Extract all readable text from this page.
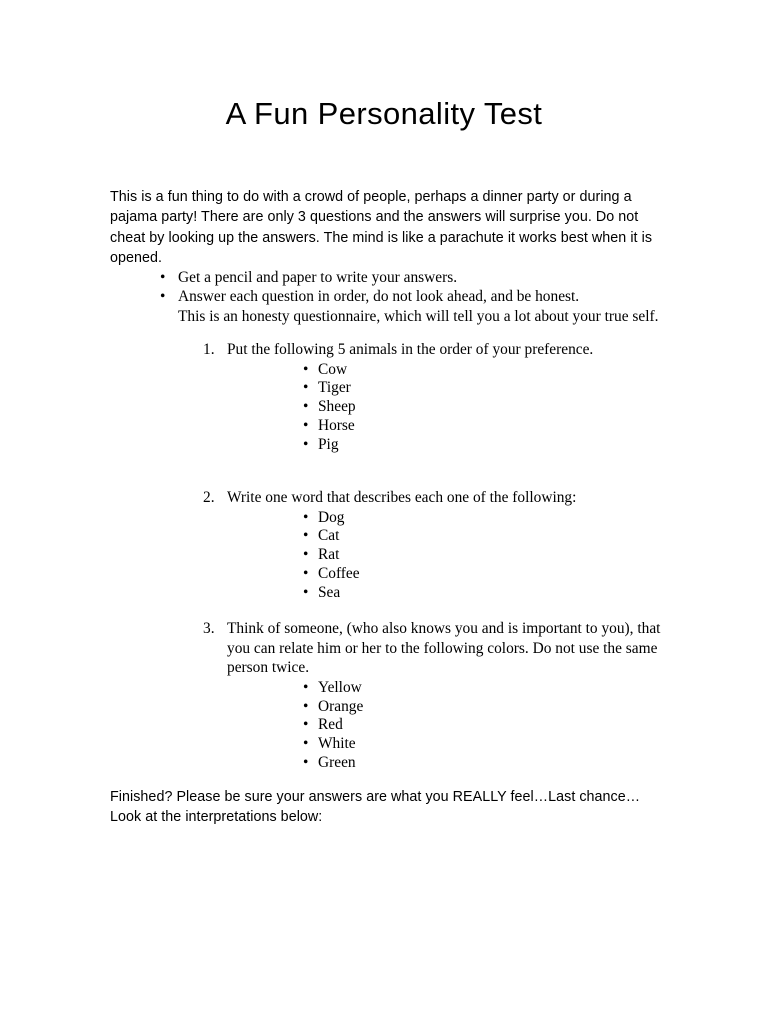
A Fun Personality Test

This is a fun thing to do with a crowd of people, perhaps a dinner party or during a pajama party! There are only 3 questions and the answers will surprise you. Do not cheat by looking up the answers. The mind is like a parachute it works best when it is opened.

• Get a pencil and paper to write your answers.
• Answer each question in order, do not look ahead, and be honest.
This is an honesty questionnaire, which will tell you a lot about your true self.
1. Put the following 5 animals in the order of your preference.
• Cow
• Tiger
• Sheep
• Horse
• Pig
2. Write one word that describes each one of the following:
• Dog
• Cat
• Rat
• Coffee
• Sea
3. Think of someone, (who also knows you and is important to you), that you can relate him or her to the following colors. Do not use the same person twice.
• Yellow
• Orange
• Red
• White
• Green

Finished? Please be sure your answers are what you REALLY feel…Last chance… Look at the interpretations below:
